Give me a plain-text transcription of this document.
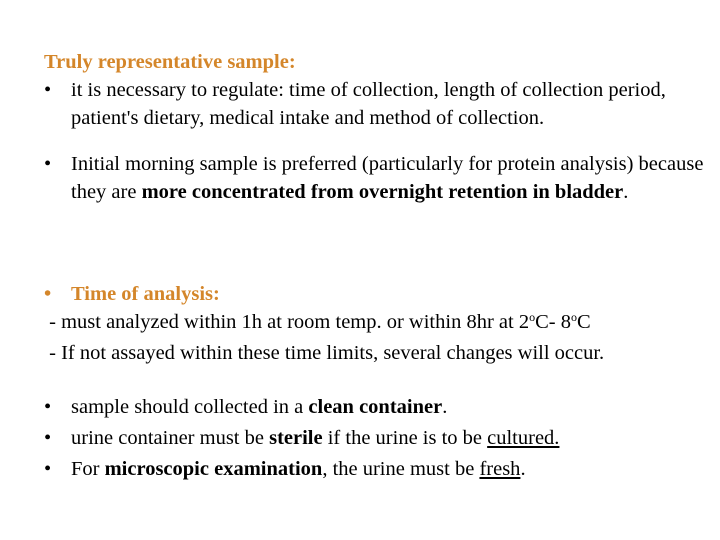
Truly representative sample:
• it is necessary to regulate: time of collection, length of collection period, patient's dietary, medical intake and method of collection.
• Initial morning sample is preferred (particularly for protein analysis) because they are more concentrated from overnight retention in bladder.
• Time of analysis:
- must analyzed within 1h at room temp. or within 8hr at 2$^o$C- 8$^o$C
- If not assayed within these time limits, several changes will occur.
• sample should collected in a clean container.
• urine container must be sterile if the urine is to be cultured.
• For microscopic examination, the urine must be fresh.
